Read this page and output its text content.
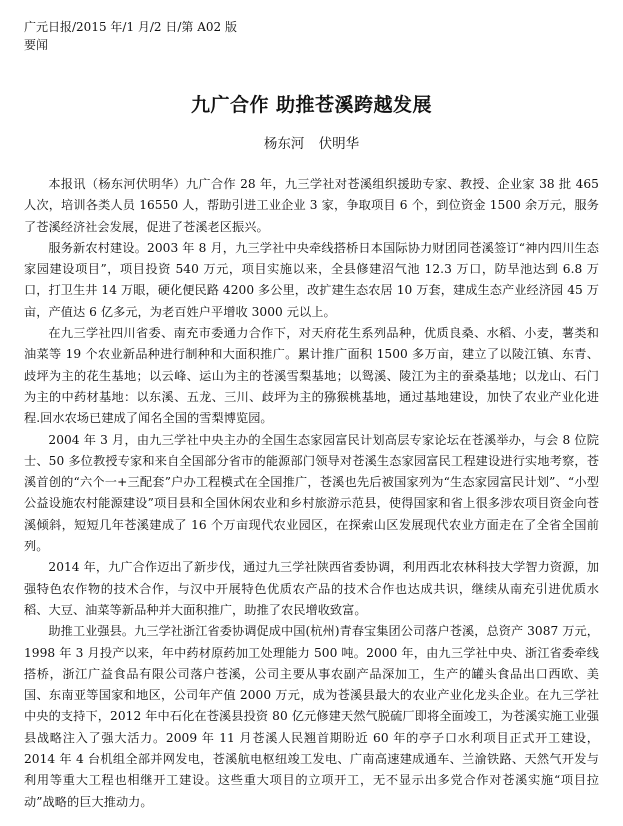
广元日报/2015 年/1 月/2 日/第 A02 版

要闻

九广合作 助推苍溪跨越发展

杨东河 伏明华

本报讯（杨东河伏明华）九广合作 28 年，九三学社对苍溪组织援助专家、教授、企业家 38 批 465 人次，培训各类人员 16550 人，帮助引进工业企业 3 家，争取项目 6 个，到位资金 1500 余万元，服务了苍溪经济社会发展，促进了苍溪老区振兴。

服务新农村建设。2003 年 8 月，九三学社中央牵线搭桥日本国际协力财团同苍溪签订“神内四川生态家园建设项目”，项目投资 540 万元，项目实施以来，全县修建沼气池 12.3 万口，防旱池达到 6.8 万口，打卫生井 14 万眼，硬化便民路 4200 多公里，改扩建生态农居 10 万套，建成生态产业经济园 45 万亩，产值达 6 亿多元，为老百姓户平增收 3000 元以上。

在九三学社四川省委、南充市委通力合作下，对天府花生系列品种，优质良桑、水稻、小麦，薯类和油菜等 19 个农业新品种进行制种和大面积推广。累计推广面积 1500 多万亩，建立了以陵江镇、东青、歧坪为主的花生基地；以云峰、运山为主的苍溪雪梨基地；以鸳溪、陵江为主的蚕桑基地；以龙山、石门为主的中药材基地：以东溪、五龙、三川、歧坪为主的猕猴桃基地，通过基地建设，加快了农业产业化进程.回水农场已建成了闻名全国的雪梨博览园。

2004 年 3 月，由九三学社中央主办的全国生态家园富民计划高层专家论坛在苍溪举办，与会 8 位院士、50 多位教授专家和来自全国部分省市的能源部门领导对苍溪生态家园富民工程建设进行实地考察，苍溪首创的“六个一+三配套”户办工程模式在全国推广，苍溪也先后被国家列为“生态家园富民计划”、“小型公益设施农村能源建设”项目县和全国休闲农业和乡村旅游示范县，使得国家和省上很多涉农项目资金向苍溪倾斜，短短几年苍溪建成了 16 个万亩现代农业园区，在探索山区发展现代农业方面走在了全省全国前列。

2014 年，九广合作迈出了新步伐，通过九三学社陕西省委协调，利用西北农林科技大学智力资源，加强特色农作物的技术合作，与汉中开展特色优质农产品的技术合作也达成共识，继续从南充引进优质水稻、大豆、油菜等新品种并大面积推广，助推了农民增收致富。

助推工业强县。九三学社浙江省委协调促成中国(杭州)青春宝集团公司落户苍溪，总资产 3087 万元，1998 年 3 月投产以来，年中药材原药加工处理能力 500 吨。2000 年，由九三学社中央、浙江省委牵线搭桥，浙江广益食品有限公司落户苍溪，公司主要从事农副产品深加工，生产的罐头食品出口西欧、美国、东南亚等国家和地区，公司年产值 2000 万元，成为苍溪县最大的农业产业化龙头企业。在九三学社中央的支持下，2012 年中石化在苍溪县投资 80 亿元修建天然气脱硫厂即将全面竣工，为苍溪实施工业强县战略注入了强大活力。2009 年 11 月苍溪人民翘首期盼近 60 年的亭子口水利项目正式开工建设，2014 年 4 台机组全部并网发电，苍溪航电枢纽竣工发电、广南高速建成通车、兰渝铁路、天然气开发与利用等重大工程也相继开工建设。这些重大项目的立项开工，无不显示出多党合作对苍溪实施“项目拉动”战略的巨大推动力。
